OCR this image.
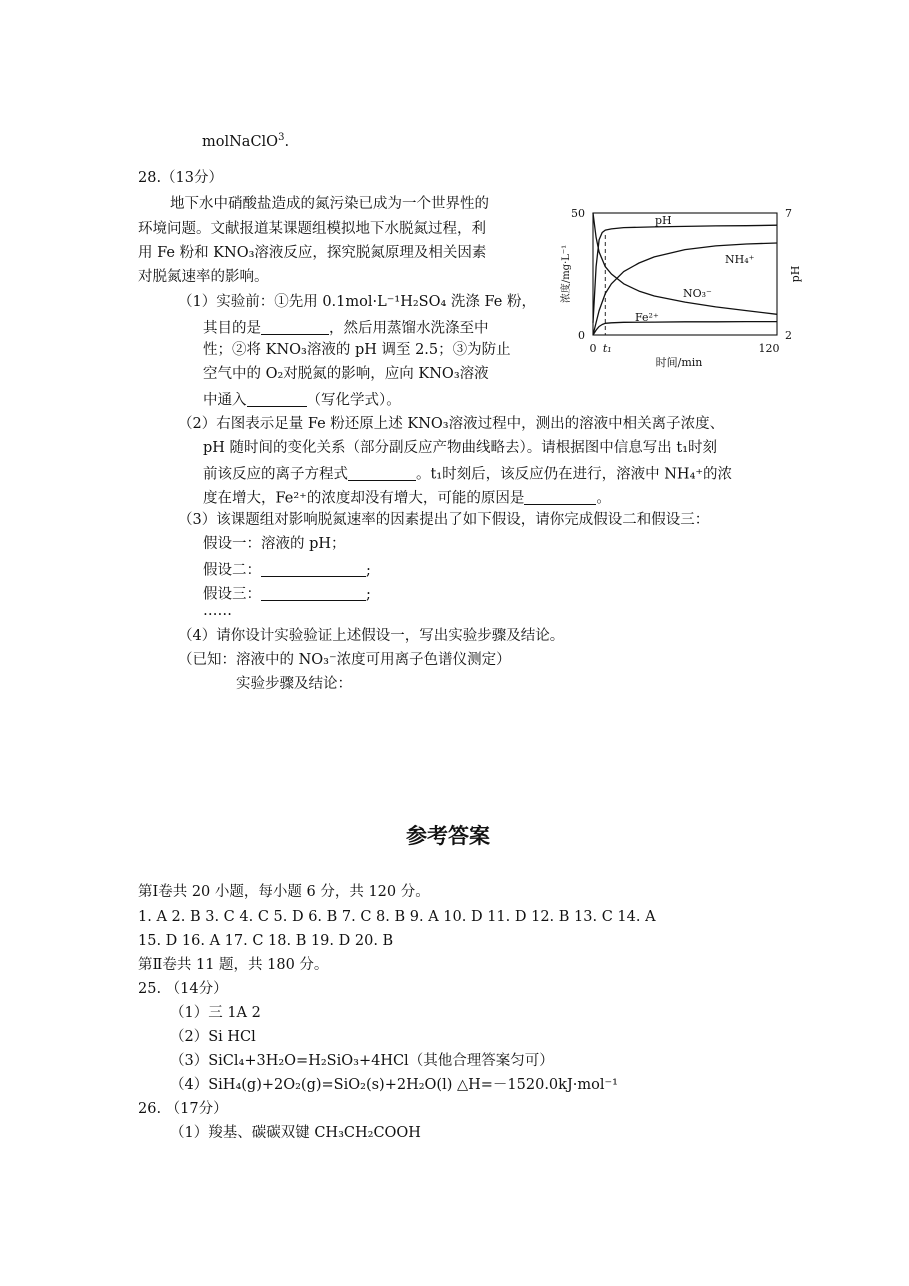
molNaClO$^3$.
28.（13分）
地下水中硝酸盐造成的氮污染已成为一个世界性的
环境问题。文献报道某课题组模拟地下水脱氮过程，利
用 Fe 粉和 KNO₃溶液反应，探究脱氮原理及相关因素
对脱氮速率的影响。
（1）实验前：①先用 0.1mol·L⁻¹H₂SO₄ 洗涤 Fe 粉，
其目的是	，然后用蒸馏水洗涤至中
性；②将 KNO₃溶液的 pH 调至 2.5；③为防止
空气中的 O₂对脱氮的影响，应向 KNO₃溶液
中通入	（写化学式）。
pH
NH₄⁺
NO₃⁻
Fe²⁺
0
50
2
7
0 t₁	120
时间/min
浓度/mg·L⁻¹	pH
（2）右图表示足量 Fe 粉还原上述 KNO₃溶液过程中，测出的溶液中相关离子浓度、
pH 随时间的变化关系（部分副反应产物曲线略去）。请根据图中信息写出 t₁时刻
前该反应的离子方程式	。t₁时刻后，该反应仍在进行，溶液中 NH₄⁺的浓
度在增大，Fe²⁺的浓度却没有增大，可能的原因是	。
（3）该课题组对影响脱氮速率的因素提出了如下假设，请你完成假设二和假设三：
假设一：溶液的 pH；
假设二：	;
假设三：	;
……
（4）请你设计实验验证上述假设一，写出实验步骤及结论。
（已知：溶液中的 NO₃⁻浓度可用离子色谱仪测定）
实验步骤及结论：
参考答案
第Ⅰ卷共 20 小题，每小题 6 分，共 120 分。
1. A 2. B 3. C 4. C 5. D 6. B 7. C 8. B 9. A 10. D 11. D 12. B 13. C 14. A
15. D 16. A 17. C 18. B 19. D 20. B
第Ⅱ卷共 11 题，共 180 分。
25. （14分）
（1）三 1A 2
（2）Si HCl
（3）SiCl₄+3H₂O=H₂SiO₃+4HCl（其他合理答案匀可）
（4）SiH₄(g)+2O₂(g)=SiO₂(s)+2H₂O(l) △H=－1520.0kJ·mol⁻¹
26. （17分）
（1）羧基、碳碳双键 CH₃CH₂COOH
